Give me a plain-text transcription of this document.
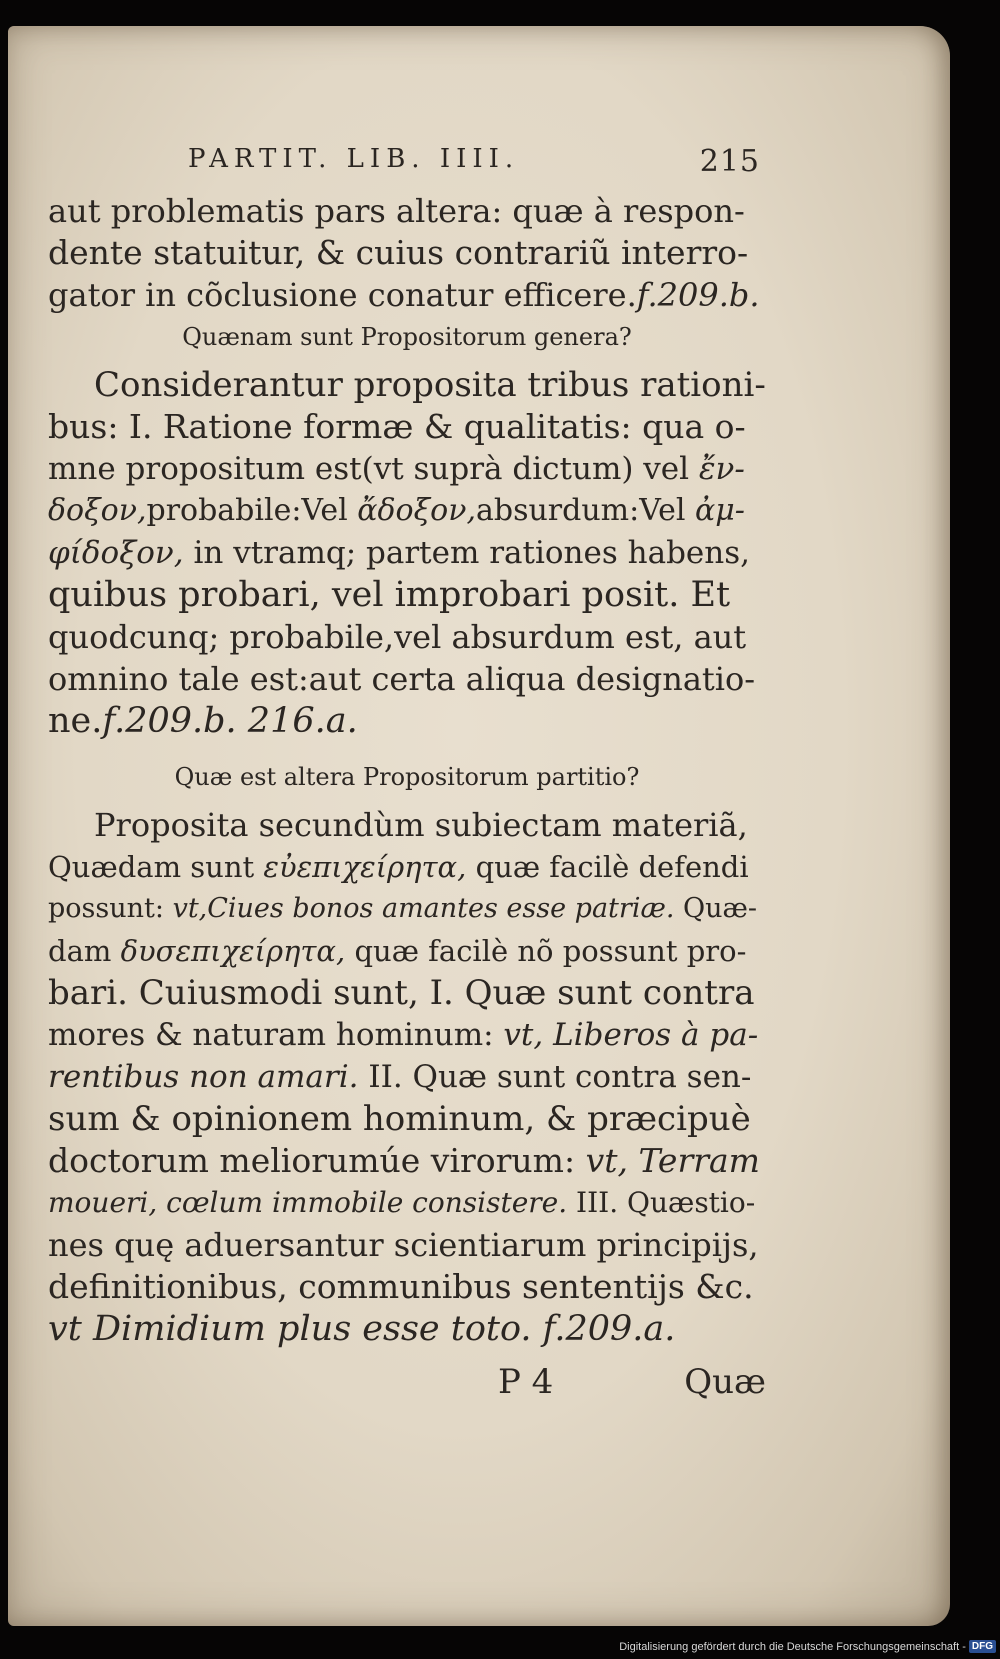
PARTIT. LIB. IIII.	215
aut problematis pars altera: quæ à respon-
dente statuitur, & cuius contrariũ interro-
gator in cõclusione conatur efficere.f.209.b.
Quænam sunt Propositorum genera?
Considerantur proposita tribus rationi-
bus: I. Ratione formæ & qualitatis: qua o-
mne propositum est(vt suprà dictum) vel ἔν-
δοξον,probabile:Vel ἄδοξον,absurdum:Vel ἀμ-
φίδοξον, in vtramq; partem rationes habens,
quibus probari, vel improbari posit. Et
quodcunq; probabile,vel absurdum est, aut
omnino tale est:aut certa aliqua designatio-
ne.f.209.b. 216.a.
Quæ est altera Propositorum partitio?
Proposita secundùm subiectam materiã,
Quædam sunt εὐεπιχείρητα, quæ facilè defendi
possunt: vt,Ciues bonos amantes esse patriæ. Quæ-
dam δυσεπιχείρητα, quæ facilè nõ possunt pro-
bari. Cuiusmodi sunt, I. Quæ sunt contra
mores & naturam hominum: vt, Liberos à pa-
rentibus non amari. II. Quæ sunt contra sen-
sum & opinionem hominum, & præcipuè
doctorum meliorumúe virorum: vt, Terram
moueri, cœlum immobile consistere. III. Quæstio-
nes quę aduersantur scientiarum principijs,
definitionibus, communibus sententijs &c.
vt Dimidium plus esse toto. f.209.a.
P 4	Quæ
Digitalisierung gefördert durch die Deutsche Forschungsgemeinschaft - DFG
